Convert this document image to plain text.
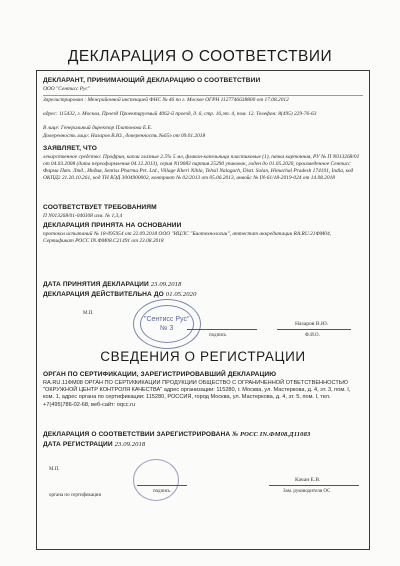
ДЕКЛАРАЦИЯ О СООТВЕТСТВИИ
ДЕКЛАРАНТ, ПРИНИМАЮЩИЙ ДЕКЛАРАЦИЮ О СООТВЕТСТВИИ
ООО "Сентисс Рус"
Зарегистрирован : Межрайонной инспекцией ФНС № 46 по г. Москве ОГРН 1127746638800 от 17.08.2012
адрес: 115432, г. Москва, Проезд Проектируемый 4062-й проезд, д. 6, стр. 16,эт. 4, пом. 12. Телефон: 8(495) 229-76-63
В лице: Генеральный директор Платонова Е.Е.
Доверенность лицо: Назаров В.Ю., доверенность №65э от 09.01.2018
ЗАЯВЛЯЕТ, ЧТО
лекарственное средство: Профрин, капли глазные 2.5% 5 мл, флакон-капельница пластиковые (1), пачка картонная, РУ № П N013268/01 от 04.03.2008 (дата переоформления 04.12.2013), серия N19083 партия 25290 упаковок, годен до 01.05.2020, произведенное Сентисс Фарма Пвт. Лтд., Индия, Sentiss Pharma Pvt. Ltd., Village Kheri Nihla, Tehsil Nalagarh, Distt. Solan, Himachal Pradesh 174101, India, код ОКПД2 21.20.10.261, код ТН ВЭД 3004900002, контракт № 02/2013 от 05.06.2013, инвойс № IN-61/18-2019-024 от 14.08.2018
СООТВЕТСТВУЕТ ТРЕБОВАНИЯМ
П N013268/01-040308 изм. № 1,3,4
ДЕКЛАРАЦИЯ ПРИНЯТА НА ОСНОВАНИИ
протокол испытаний № 18-095954 от 22.09.2018 ООО "ИЦЛС "Биотехнологии", аттестат аккредитации RA.RU.21ФМ04, Сертификат РОСС IN.ФМ08.C21491 от 23.08.2018
ДАТА ПРИНЯТИЯ ДЕКЛАРАЦИИ 23.09.2018
ДЕКЛАРАЦИЯ ДЕЙСТВИТЕЛЬНА ДО 01.05.2020
М.П.
"Сентисс Рус"
№ 3
подпись
Назаров В.Ю.
Ф.И.О.
СВЕДЕНИЯ О РЕГИСТРАЦИИ
ОРГАН ПО СЕРТИФИКАЦИИ, ЗАРЕГИСТРИРОВАВШИЙ ДЕКЛАРАЦИЮ
RA.RU.11ФМ08 ОРГАН ПО СЕРТИФИКАЦИИ ПРОДУКЦИИ ОБЩЕСТВО С ОГРАНИЧЕННОЙ ОТВЕТСТВЕННОСТЬЮ "ОКРУЖНОЙ ЦЕНТР КОНТРОЛЯ КАЧЕСТВА" адрес организации: 115280, г. Москва, ул. Мастеркова, д. 4, эт. 3, пом. I, ком. 1, адрес органа по сертификации: 115280, РОССИЯ, город Москва, ул. Мастеркова, д. 4, эт. 5, пом. I, тел. +7(495)786-02-68, веб-сайт: oqcc.ru
ДЕКЛАРАЦИЯ О СООТВЕТСТВИИ ЗАРЕГИСТРИРОВАНА № РОСС IN.ФМ08.Д11083
ДАТА РЕГИСТРАЦИИ 23.09.2018
М.П.
органа по сертификации
подпись
Качан Е.В.
Зам. руководителя ОС
